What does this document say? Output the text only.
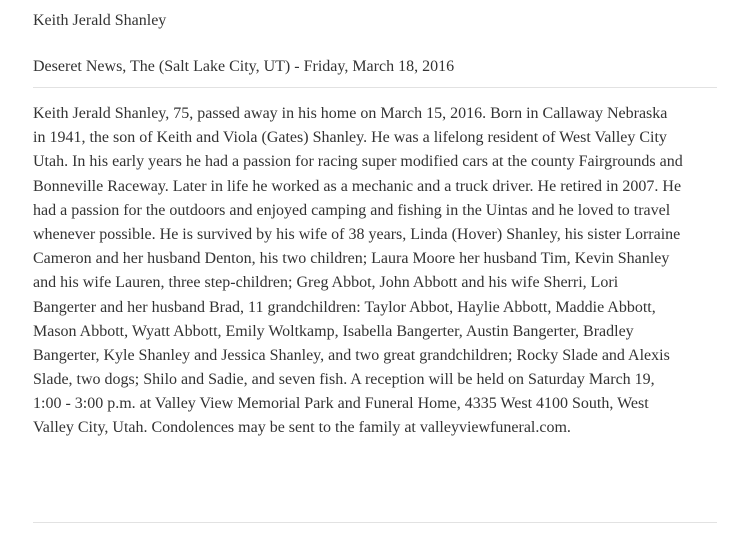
Keith Jerald Shanley
Deseret News, The (Salt Lake City, UT) - Friday, March 18, 2016
Keith Jerald Shanley, 75, passed away in his home on March 15, 2016. Born in Callaway Nebraska
in 1941, the son of Keith and Viola (Gates) Shanley. He was a lifelong resident of West Valley City
Utah. In his early years he had a passion for racing super modified cars at the county Fairgrounds and
Bonneville Raceway. Later in life he worked as a mechanic and a truck driver. He retired in 2007. He
had a passion for the outdoors and enjoyed camping and fishing in the Uintas and he loved to travel
whenever possible. He is survived by his wife of 38 years, Linda (Hover) Shanley, his sister Lorraine
Cameron and her husband Denton, his two children; Laura Moore her husband Tim, Kevin Shanley
and his wife Lauren, three step-children; Greg Abbot, John Abbott and his wife Sherri, Lori
Bangerter and her husband Brad, 11 grandchildren: Taylor Abbot, Haylie Abbott, Maddie Abbott,
Mason Abbott, Wyatt Abbott, Emily Woltkamp, Isabella Bangerter, Austin Bangerter, Bradley
Bangerter, Kyle Shanley and Jessica Shanley, and two great grandchildren; Rocky Slade and Alexis
Slade, two dogs; Shilo and Sadie, and seven fish. A reception will be held on Saturday March 19,
1:00 - 3:00 p.m. at Valley View Memorial Park and Funeral Home, 4335 West 4100 South, West
Valley City, Utah. Condolences may be sent to the family at valleyviewfuneral.com.
